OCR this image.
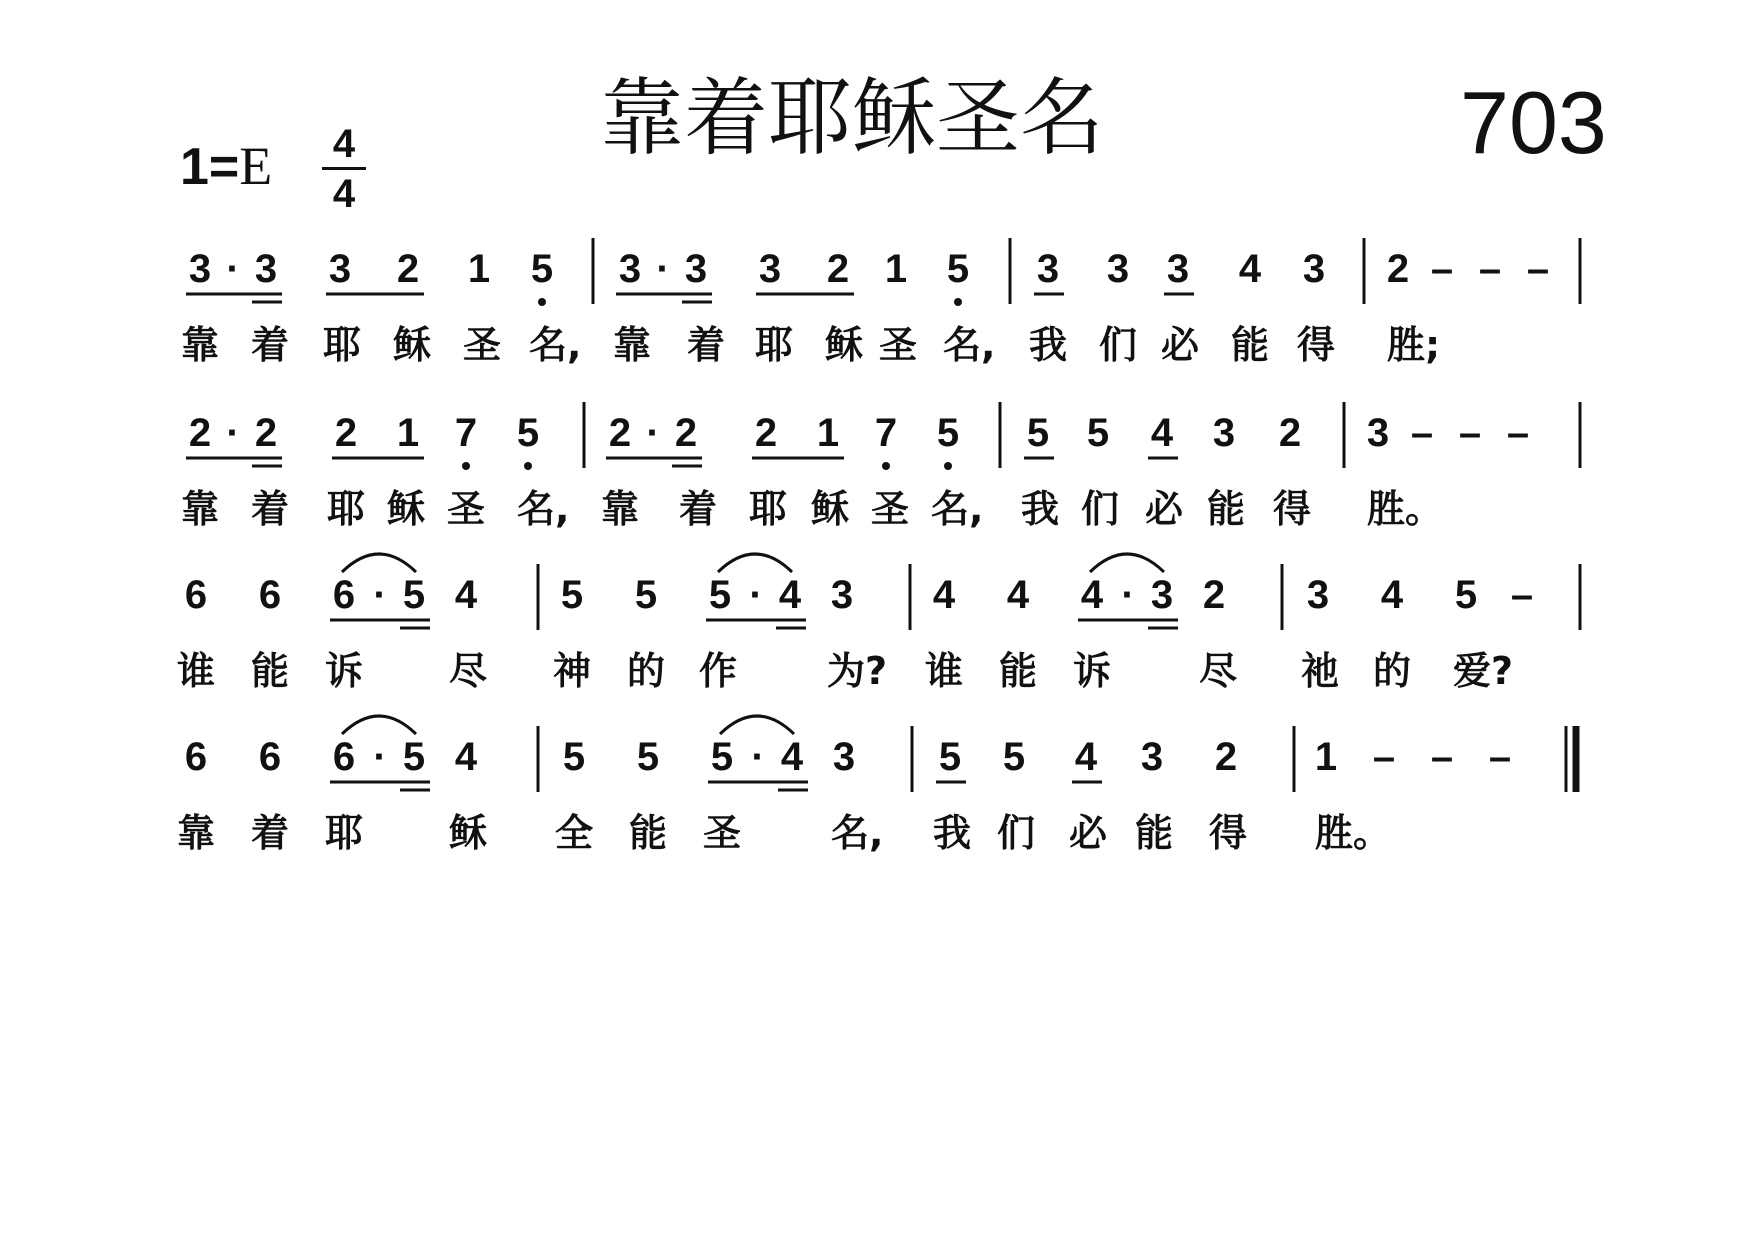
靠着耶稣圣名	703
1=E 4
4
3 · 3 3 2 1 5 3 · 3 3 2 1 5 3 3 3 4 3 2 – – –
靠 着 耶 稣 圣 名, 靠 着 耶 稣 圣 名, 我 们 必 能 得 胜;
2 · 2 2 1 7 5 2 · 2 2 1 7 5 5 5 4 3 2 3 – – –
靠 着 耶 稣 圣 名, 靠 着 耶 稣 圣 名, 我 们 必 能 得 胜。
6 6 6 · 5 4 5 5 5 · 4 3 4 4 4 · 3 2 3 4 5 –
谁 能 诉 尽 神 的 作 为? 谁 能 诉 尽 祂 的 爱?
6 6 6 · 5 4 5 5 5 · 4 3 5 5 4 3 2 1 – – –
靠 着 耶 稣 全 能 圣 名, 我 们 必 能 得 胜。
